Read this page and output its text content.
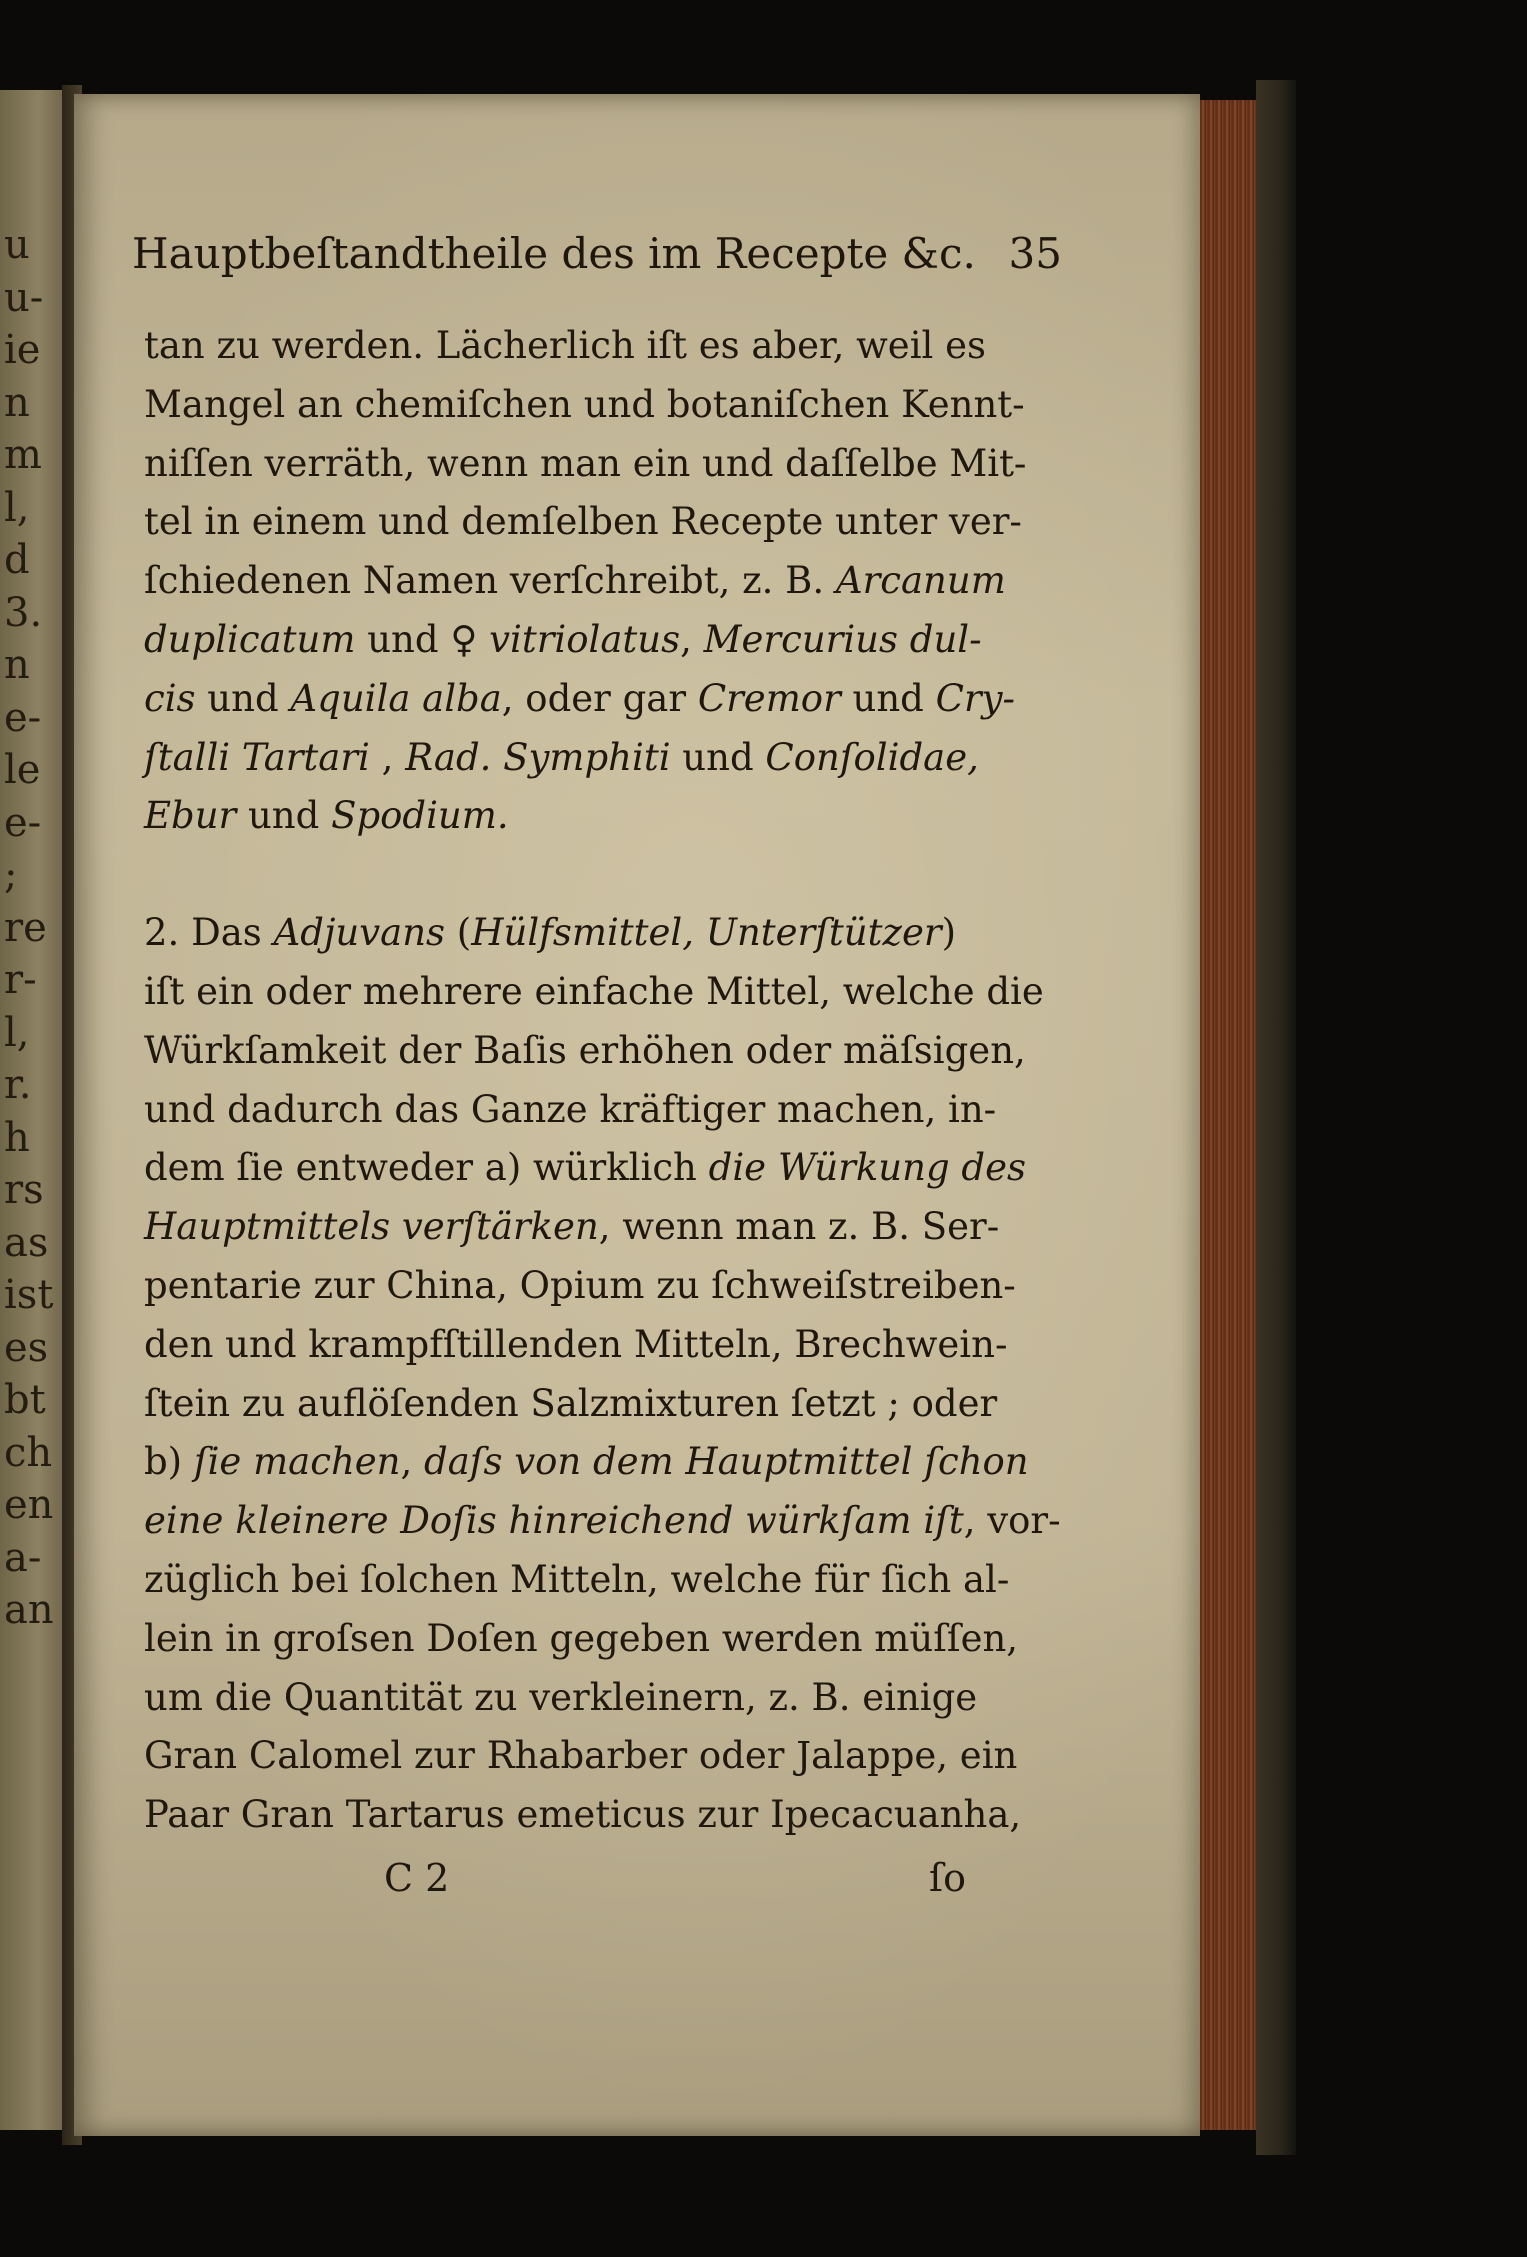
u
u-
ie
n
m
l,
d
3.
n
e-
le
e-
;
re
r-
l,
r.
h
rs
as
ist
es
bt
ch
en
a-
an
Hauptbeſtandtheile des im Recepte &c. 35
tan zu werden. Lächerlich iſt es aber, weil es
Mangel an chemiſchen und botaniſchen Kennt-
niſſen verräth, wenn man ein und daſſelbe Mit-
tel in einem und demſelben Recepte unter ver-
ſchiedenen Namen verſchreibt, z. B. Arcanum
duplicatum und ♀ vitriolatus, Mercurius dul-
cis und Aquila alba, oder gar Cremor und Cry-
ſtalli Tartari , Rad. Symphiti und Conſolidae,
Ebur und Spodium.
2. Das Adjuvans (Hülfsmittel, Unterſtützer)
iſt ein oder mehrere einfache Mittel, welche die
Würkſamkeit der Baſis erhöhen oder mäſsigen,
und dadurch das Ganze kräftiger machen, in-
dem ſie entweder a) würklich die Würkung des
Hauptmittels verſtärken, wenn man z. B. Ser-
pentarie zur China, Opium zu ſchweiſstreiben-
den und krampfſtillenden Mitteln, Brechwein-
ſtein zu auflöſenden Salzmixturen ſetzt ; oder
b) ſie machen, daſs von dem Hauptmittel ſchon
eine kleinere Doſis hinreichend würkſam iſt, vor-
züglich bei ſolchen Mitteln, welche für ſich al-
lein in groſsen Doſen gegeben werden müſſen,
um die Quantität zu verkleinern, z. B. einige
Gran Calomel zur Rhabarber oder Jalappe, ein
Paar Gran Tartarus emeticus zur Ipecacuanha,
C 2	ſo
